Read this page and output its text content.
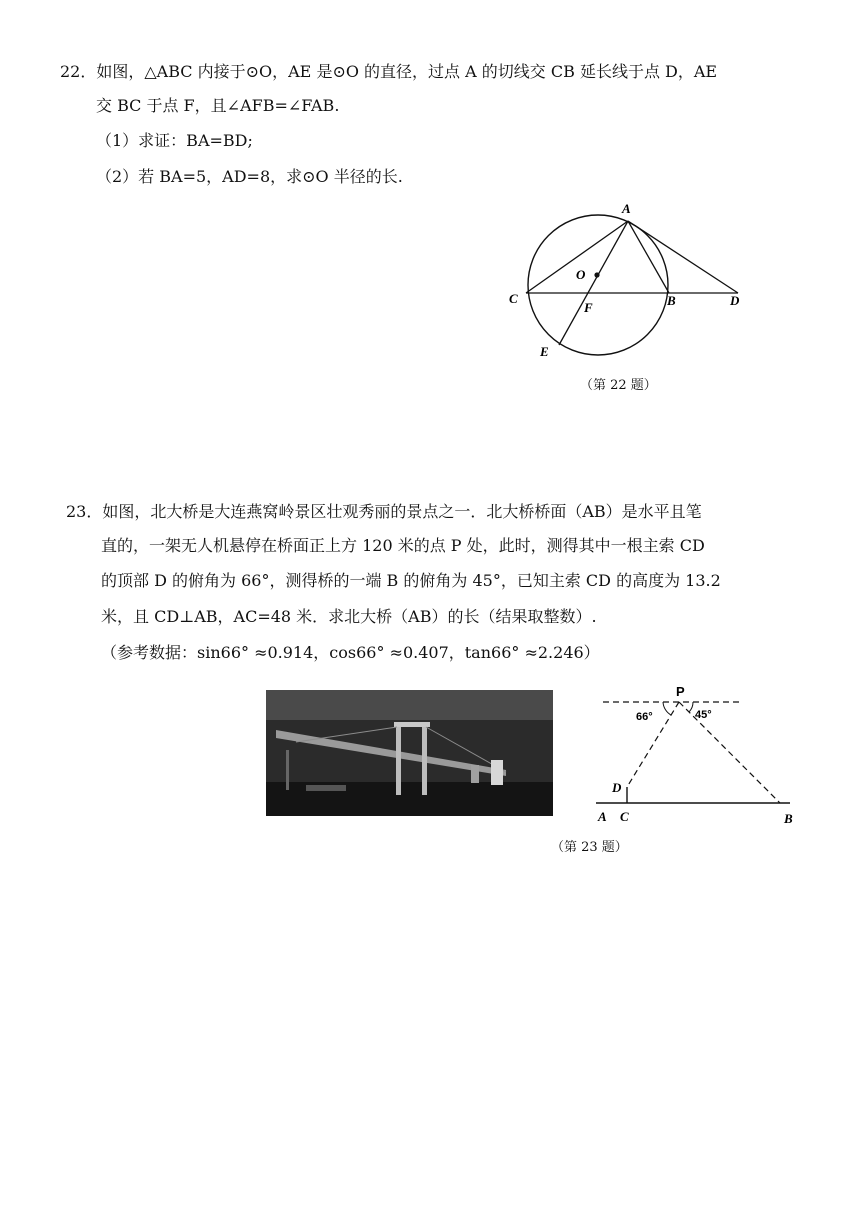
22．如图，△ABC 内接于⊙O，AE 是⊙O 的直径，过点 A 的切线交 CB 延长线于点 D，AE
交 BC 于点 F，且∠AFB=∠FAB.
（1）求证：BA=BD;
（2）若 BA=5，AD=8，求⊙O 半径的长.
A
O
C
F	B	D
E
（第 22 题）
23．如图，北大桥是大连燕窝岭景区壮观秀丽的景点之一．北大桥桥面（AB）是水平且笔
直的，一架无人机悬停在桥面正上方 120 米的点 P 处，此时，测得其中一根主索 CD
的顶部 D 的俯角为 66°，测得桥的一端 B 的俯角为 45°，已知主索 CD 的高度为 13.2
米，且 CD⊥AB，AC=48 米．求北大桥（AB）的长（结果取整数）.
（参考数据：sin66° ≈0.914，cos66° ≈0.407，tan66° ≈2.246）
P
66°	45°
D
A C	B
（第 23 题）
